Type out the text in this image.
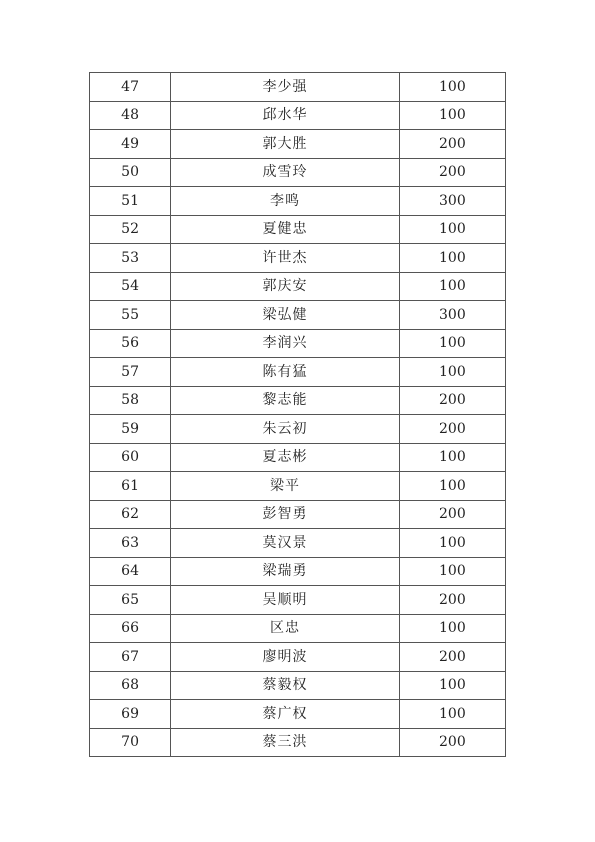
47	李少强	100
48	邱水华	100
49	郭大胜	200
50	成雪玲	200
51	李鸣	300
52	夏健忠	100
53	许世杰	100
54	郭庆安	100
55	梁弘健	300
56	李润兴	100
57	陈有猛	100
58	黎志能	200
59	朱云初	200
60	夏志彬	100
61	梁平	100
62	彭智勇	200
63	莫汉景	100
64	梁瑞勇	100
65	吴顺明	200
66	区忠	100
67	廖明波	200
68	蔡毅权	100
69	蔡广权	100
70	蔡三洪	200
